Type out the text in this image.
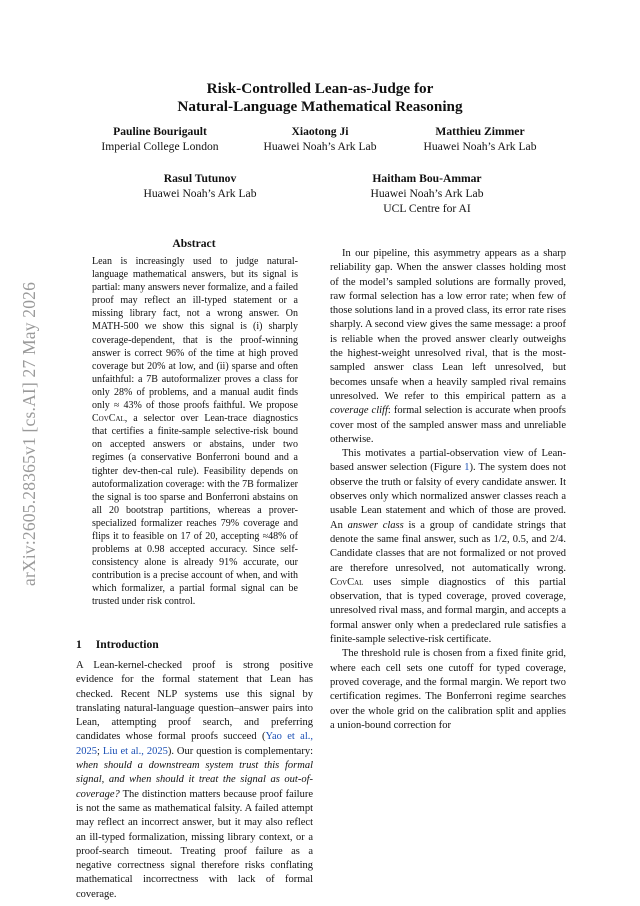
arXiv:2605.28365v1 [cs.AI] 27 May 2026
Risk-Controlled Lean-as-Judge for
Natural-Language Mathematical Reasoning
Pauline Bourigault
Imperial College London
Xiaotong Ji
Huawei Noah’s Ark Lab
Matthieu Zimmer
Huawei Noah’s Ark Lab
Rasul Tutunov
Huawei Noah’s Ark Lab
Haitham Bou-Ammar
Huawei Noah’s Ark Lab
UCL Centre for AI
Abstract

Lean is increasingly used to judge natural-language mathematical answers, but its signal is partial: many answers never formalize, and a failed proof may reflect an ill-typed statement or a missing library fact, not a wrong answer. On MATH-500 we show this signal is (i) sharply coverage-dependent, that is the proof-winning answer is correct 96% of the time at high proved coverage but 20% at low, and (ii) sparse and often unfaithful: a 7B autoformalizer proves a class for only 28% of problems, and a manual audit finds only ≈ 43% of those proofs faithful. We propose CovCal, a selector over Lean-trace diagnostics that certifies a finite-sample selective-risk bound on accepted answers or abstains, under two regimes (a conservative Bonferroni bound and a tighter dev-then-cal rule). Feasibility depends on autoformalization coverage: with the 7B formalizer the signal is too sparse and Bonferroni abstains on all 20 bootstrap partitions, whereas a prover-specialized formalizer reaches 79% coverage and flips it to feasible on 17 of 20, accepting ≈48% of problems at 0.98 accepted accuracy. Since self-consistency alone is already 91% accurate, our contribution is a precise account of when, and with which formalizer, a partial formal signal can be trusted under risk control.

1 Introduction

A Lean-kernel-checked proof is strong positive evidence for the formal statement that Lean has checked. Recent NLP systems use this signal by translating natural-language question–answer pairs into Lean, attempting proof search, and preferring candidates whose formal proofs succeed (Yao et al., 2025; Liu et al., 2025). Our question is complementary: when should a downstream system trust this formal signal, and when should it treat the signal as out-of-coverage? The distinction matters because proof failure is not the same as mathematical falsity. A failed attempt may reflect an incorrect answer, but it may also reflect an ill-typed formalization, missing library context, or a proof-search timeout. Treating proof failure as a negative correctness signal therefore risks conflating mathematical incorrectness with lack of formal coverage.

In our pipeline, this asymmetry appears as a sharp reliability gap. When the answer classes holding most of the model’s sampled solutions are formally proved, raw formal selection has a low error rate; when few of those solutions land in a proved class, its error rate rises sharply. A second view gives the same message: a proof is reliable when the proved answer clearly outweighs the highest-weight unresolved rival, that is the most-sampled answer class Lean left unresolved, but becomes unsafe when a heavily sampled rival remains unresolved. We refer to this empirical pattern as a coverage cliff: formal selection is accurate when proofs cover most of the sampled answer mass and unreliable otherwise.

This motivates a partial-observation view of Lean-based answer selection (Figure 1). The system does not observe the truth or falsity of every candidate answer. It observes only which normalized answer classes reach a usable Lean statement and which of those are proved. An answer class is a group of candidate strings that denote the same final answer, such as 1/2, 0.5, and 2/4. Candidate classes that are not formalized or not proved are therefore unresolved, not automatically wrong. CovCal uses simple diagnostics of this partial observation, that is typed coverage, proved coverage, unresolved rival mass, and formal margin, and accepts a formal answer only when a predeclared rule satisfies a finite-sample selective-risk certificate.

The threshold rule is chosen from a fixed finite grid, where each cell sets one cutoff for typed coverage, proved coverage, and the formal margin. We report two certification regimes. The Bonferroni regime searches over the whole grid on the calibration split and applies a union-bound correction for
